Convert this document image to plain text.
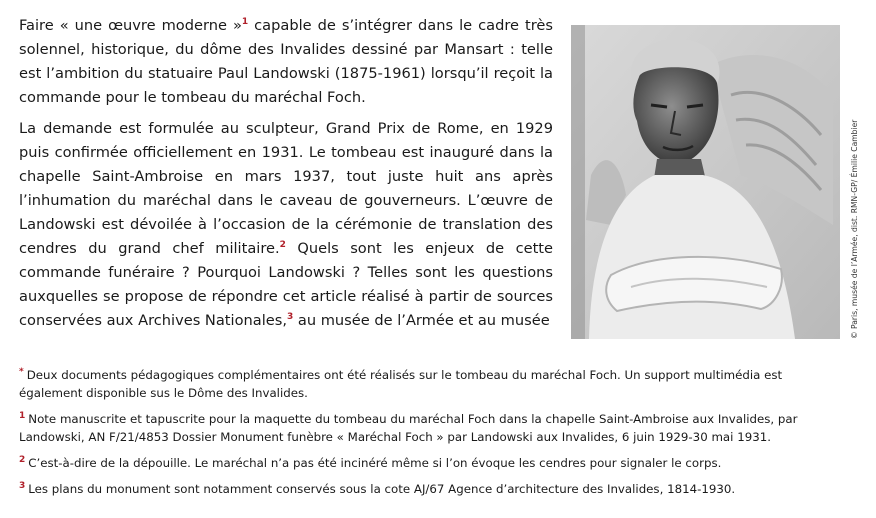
Faire « une œuvre moderne »$^1$ capable de s’intégrer dans le cadre très solennel, historique, du dôme des Invalides dessiné par Mansart : telle est l’ambition du statuaire Paul Landowski (1875-1961) lorsqu’il reçoit la commande pour le tombeau du maréchal Foch.

La demande est formulée au sculpteur, Grand Prix de Rome, en 1929 puis confirmée officiellement en 1931. Le tombeau est inauguré dans la chapelle Saint-Ambroise en mars 1937, tout juste huit ans après l’inhumation du maréchal dans le caveau de gouverneurs. L’œuvre de Landowski est dévoilée à l’occasion de la cérémonie de translation des cendres du grand chef militaire.$^2$ Quels sont les enjeux de cette commande funéraire ? Pourquoi Landowski ? Telles sont les questions auxquelles se propose de répondre cet article réalisé à partir de sources conservées aux Archives Nationales,$^3$ au musée de l’Armée et au musée	© Paris, musée de l’Armée, dist. RMN-GP/ Émilie Cambier
* Deux documents pédagogiques complémentaires ont été réalisés sur le tombeau du maréchal Foch. Un support multimédia est également disponible sus le Dôme des Invalides.
$^1$ Note manuscrite et tapuscrite pour la maquette du tombeau du maréchal Foch dans la chapelle Saint-Ambroise aux Invalides, par Landowski, AN F/21/4853 Dossier Monument funèbre « Maréchal Foch » par Landowski aux Invalides, 6 juin 1929-30 mai 1931.
$^2$ C’est-à-dire de la dépouille. Le maréchal n’a pas été incinéré même si l’on évoque les cendres pour signaler le corps.
$^3$ Les plans du monument sont notamment conservés sous la cote AJ/67 Agence d’architecture des Invalides, 1814-1930.
